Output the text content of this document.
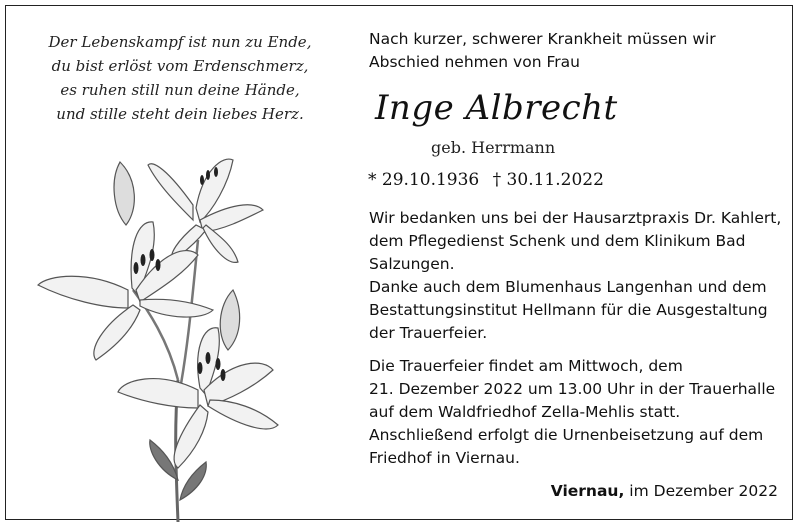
Der Lebenskampf ist nun zu Ende,
du bist erlöst vom Erdenschmerz,
es ruhen still nun deine Hände,
und stille steht dein liebes Herz.
Nach kurzer, schwerer Krankheit müssen wir
Abschied nehmen von Frau
Inge Albrecht
geb. Herrmann
* 29.10.1936 † 30.11.2022
Wir bedanken uns bei der Hausarztpraxis Dr. Kahlert,
dem Pflegedienst Schenk und dem Klinikum Bad
Salzungen.
Danke auch dem Blumenhaus Langenhan und dem
Bestattungsinstitut Hellmann für die Ausgestaltung
der Trauerfeier.
Die Trauerfeier findet am Mittwoch, dem
21. Dezember 2022 um 13.00 Uhr in der Trauerhalle
auf dem Waldfriedhof Zella-Mehlis statt.
Anschließend erfolgt die Urnenbeisetzung auf dem
Friedhof in Viernau.
Viernau, im Dezember 2022
